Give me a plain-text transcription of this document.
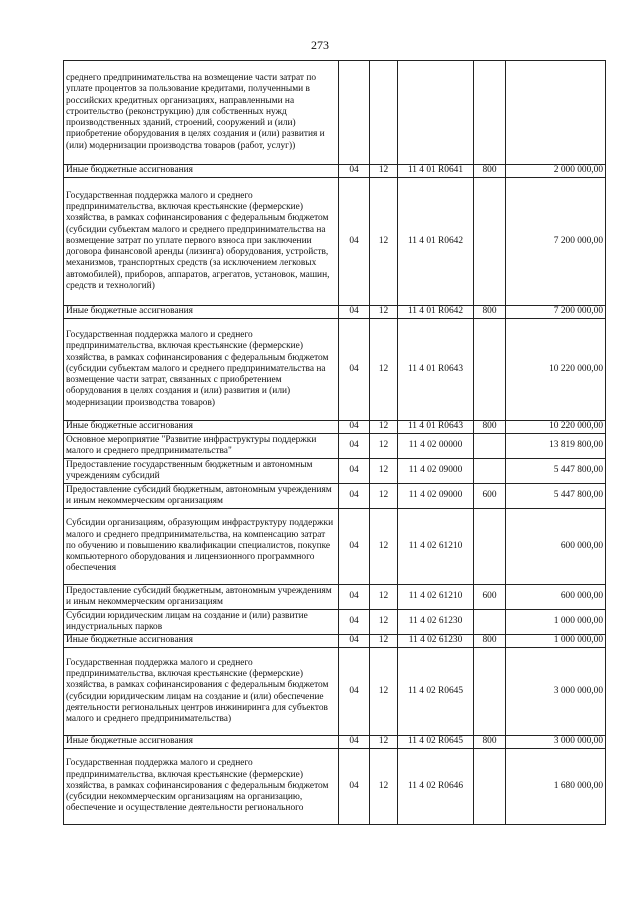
273
среднего предпринимательства на возмещение части затрат по уплате процентов за пользование кредитами, полученными в российских кредитных организациях, направленными на строительство (реконструкцию) для собственных нужд производственных зданий, строений, сооружений и (или) приобретение оборудования в целях создания и (или) развития и (или) модернизации производства товаров (работ, услуг))					
Иные бюджетные ассигнования	04	12	11 4 01 R0641	800	2 000 000,00
Государственная поддержка малого и среднего предпринимательства, включая крестьянские (фермерские) хозяйства, в рамках софинансирования с федеральным бюджетом (субсидии субъектам малого и среднего предпринимательства на возмещение затрат по уплате первого взноса при заключении договора финансовой аренды (лизинга) оборудования, устройств, механизмов, транспортных средств (за исключением легковых автомобилей), приборов, аппаратов, агрегатов, установок, машин, средств и технологий)	04	12	11 4 01 R0642		7 200 000,00
Иные бюджетные ассигнования	04	12	11 4 01 R0642	800	7 200 000,00
Государственная поддержка малого и среднего предпринимательства, включая крестьянские (фермерские) хозяйства, в рамках софинансирования с федеральным бюджетом (субсидии субъектам малого и среднего предпринимательства на возмещение части затрат, связанных с приобретением оборудования в целях создания и (или) развития и (или) модернизации производства товаров)	04	12	11 4 01 R0643		10 220 000,00
Иные бюджетные ассигнования	04	12	11 4 01 R0643	800	10 220 000,00
Основное мероприятие "Развитие инфраструктуры поддержки малого и среднего предпринимательства"	04	12	11 4 02 00000		13 819 800,00
Предоставление государственным бюджетным и автономным учреждениям субсидий	04	12	11 4 02 09000		5 447 800,00
Предоставление субсидий бюджетным, автономным учреждениям и иным некоммерческим организациям	04	12	11 4 02 09000	600	5 447 800,00
Субсидии организациям, образующим инфраструктуру поддержки малого и среднего предпринимательства, на компенсацию затрат по обучению и повышению квалификации специалистов, покупке компьютерного оборудования и лицензионного программного обеспечения	04	12	11 4 02 61210		600 000,00
Предоставление субсидий бюджетным, автономным учреждениям и иным некоммерческим организациям	04	12	11 4 02 61210	600	600 000,00
Субсидии юридическим лицам на создание и (или) развитие индустриальных парков	04	12	11 4 02 61230		1 000 000,00
Иные бюджетные ассигнования	04	12	11 4 02 61230	800	1 000 000,00
Государственная поддержка малого и среднего предпринимательства, включая крестьянские (фермерские) хозяйства, в рамках софинансирования с федеральным бюджетом (субсидии юридическим лицам на создание и (или) обеспечение деятельности региональных центров инжиниринга для субъектов малого и среднего предпринимательства)	04	12	11 4 02 R0645		3 000 000,00
Иные бюджетные ассигнования	04	12	11 4 02 R0645	800	3 000 000,00
Государственная поддержка малого и среднего предпринимательства, включая крестьянские (фермерские) хозяйства, в рамках софинансирования с федеральным бюджетом (субсидии некоммерческим организациям на организацию, обеспечение и осуществление деятельности регионального	04	12	11 4 02 R0646		1 680 000,00
